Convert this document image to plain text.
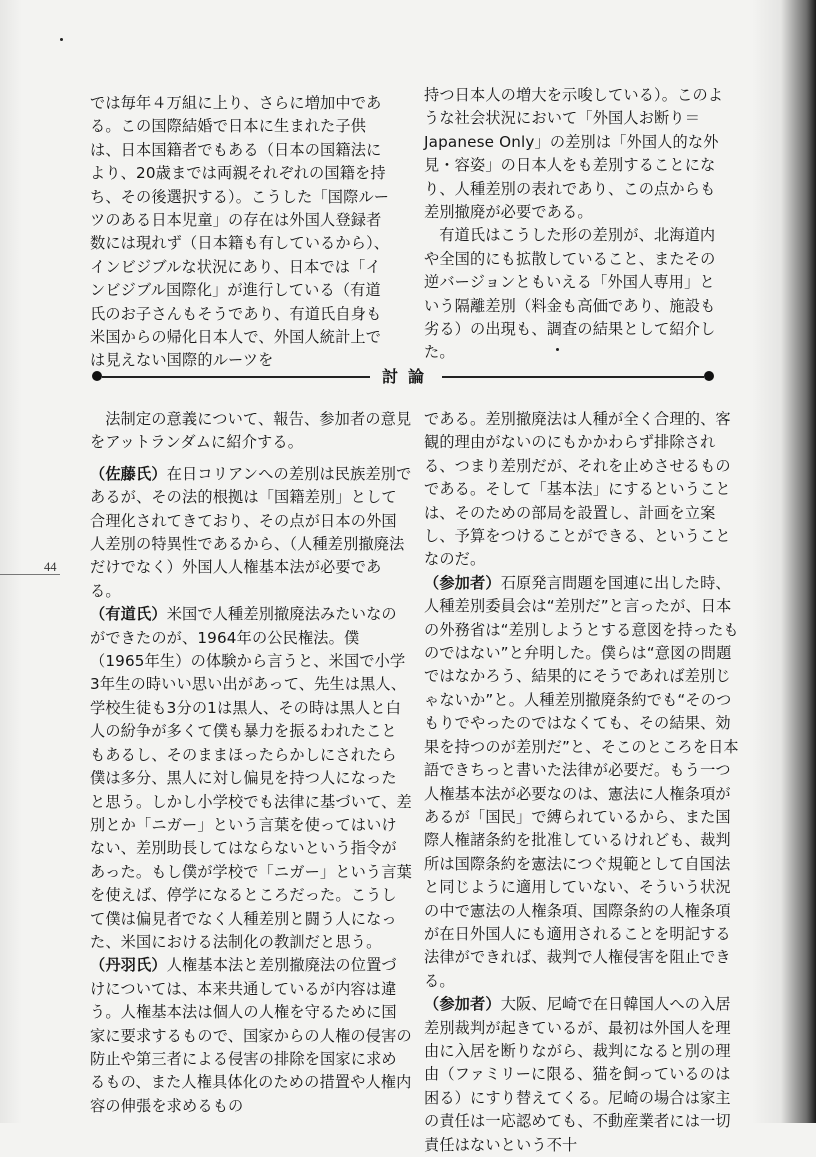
では毎年４万組に上り、さらに増加中である。この国際結婚で日本に生まれた子供は、日本国籍者でもある（日本の国籍法により、20歳までは両親それぞれの国籍を持ち、その後選択する）。こうした「国際ルーツのある日本児童」の存在は外国人登録者数には現れず（日本籍も有しているから）、インビジブルな状況にあり、日本では「インビジブル国際化」が進行している（有道氏のお子さんもそうであり、有道氏自身も米国からの帰化日本人で、外国人統計上では見えない国際的ルーツを

持つ日本人の増大を示唆している）。このような社会状況において「外国人お断り＝Japanese Only」の差別は「外国人的な外見・容姿」の日本人をも差別することになり、人種差別の表れであり、この点からも差別撤廃が必要である。

有道氏はこうした形の差別が、北海道内や全国的にも拡散していること、またその逆バージョンともいえる「外国人専用」という隔離差別（料金も高価であり、施設も劣る）の出現も、調査の結果として紹介した。

討論

法制定の意義について、報告、参加者の意見をアットランダムに紹介する。

（佐藤氏）在日コリアンへの差別は民族差別であるが、その法的根拠は「国籍差別」として合理化されてきており、その点が日本の外国人差別の特異性であるから、（人種差別撤廃法だけでなく）外国人人権基本法が必要である。

（有道氏）米国で人種差別撤廃法みたいなのができたのが、1964年の公民権法。僕（1965年生）の体験から言うと、米国で小学3年生の時いい思い出があって、先生は黒人、学校生徒も3分の1は黒人、その時は黒人と白人の紛争が多くて僕も暴力を振るわれたこともあるし、そのままほったらかしにされたら僕は多分、黒人に対し偏見を持つ人になったと思う。しかし小学校でも法律に基づいて、差別とか「ニガー」という言葉を使ってはいけない、差別助長してはならないという指令があった。もし僕が学校で「ニガー」という言葉を使えば、停学になるところだった。こうして僕は偏見者でなく人種差別と闘う人になった、米国における法制化の教訓だと思う。

（丹羽氏）人権基本法と差別撤廃法の位置づけについては、本来共通しているが内容は違う。人権基本法は個人の人権を守るために国家に要求するもので、国家からの人権の侵害の防止や第三者による侵害の排除を国家に求めるもの、また人権具体化のための措置や人権内容の伸張を求めるもの

である。差別撤廃法は人種が全く合理的、客観的理由がないのにもかかわらず排除される、つまり差別だが、それを止めさせるものである。そして「基本法」にするということは、そのための部局を設置し、計画を立案し、予算をつけることができる、ということなのだ。

（参加者）石原発言問題を国連に出した時、人種差別委員会は“差別だ”と言ったが、日本の外務省は“差別しようとする意図を持ったものではない”と弁明した。僕らは“意図の問題ではなかろう、結果的にそうであれば差別じゃないか”と。人種差別撤廃条約でも“そのつもりでやったのではなくても、その結果、効果を持つのが差別だ”と、そこのところを日本語できちっと書いた法律が必要だ。もう一つ人権基本法が必要なのは、憲法に人権条項があるが「国民」で縛られているから、また国際人権諸条約を批准しているけれども、裁判所は国際条約を憲法につぐ規範として自国法と同じように適用していない、そういう状況の中で憲法の人権条項、国際条約の人権条項が在日外国人にも適用されることを明記する法律ができれば、裁判で人権侵害を阻止できる。

（参加者）大阪、尼崎で在日韓国人への入居差別裁判が起きているが、最初は外国人を理由に入居を断りながら、裁判になると別の理由（ファミリーに限る、猫を飼っているのは困る）にすり替えてくる。尼崎の場合は家主の責任は一応認めても、不動産業者には一切責任はないという不十

44
